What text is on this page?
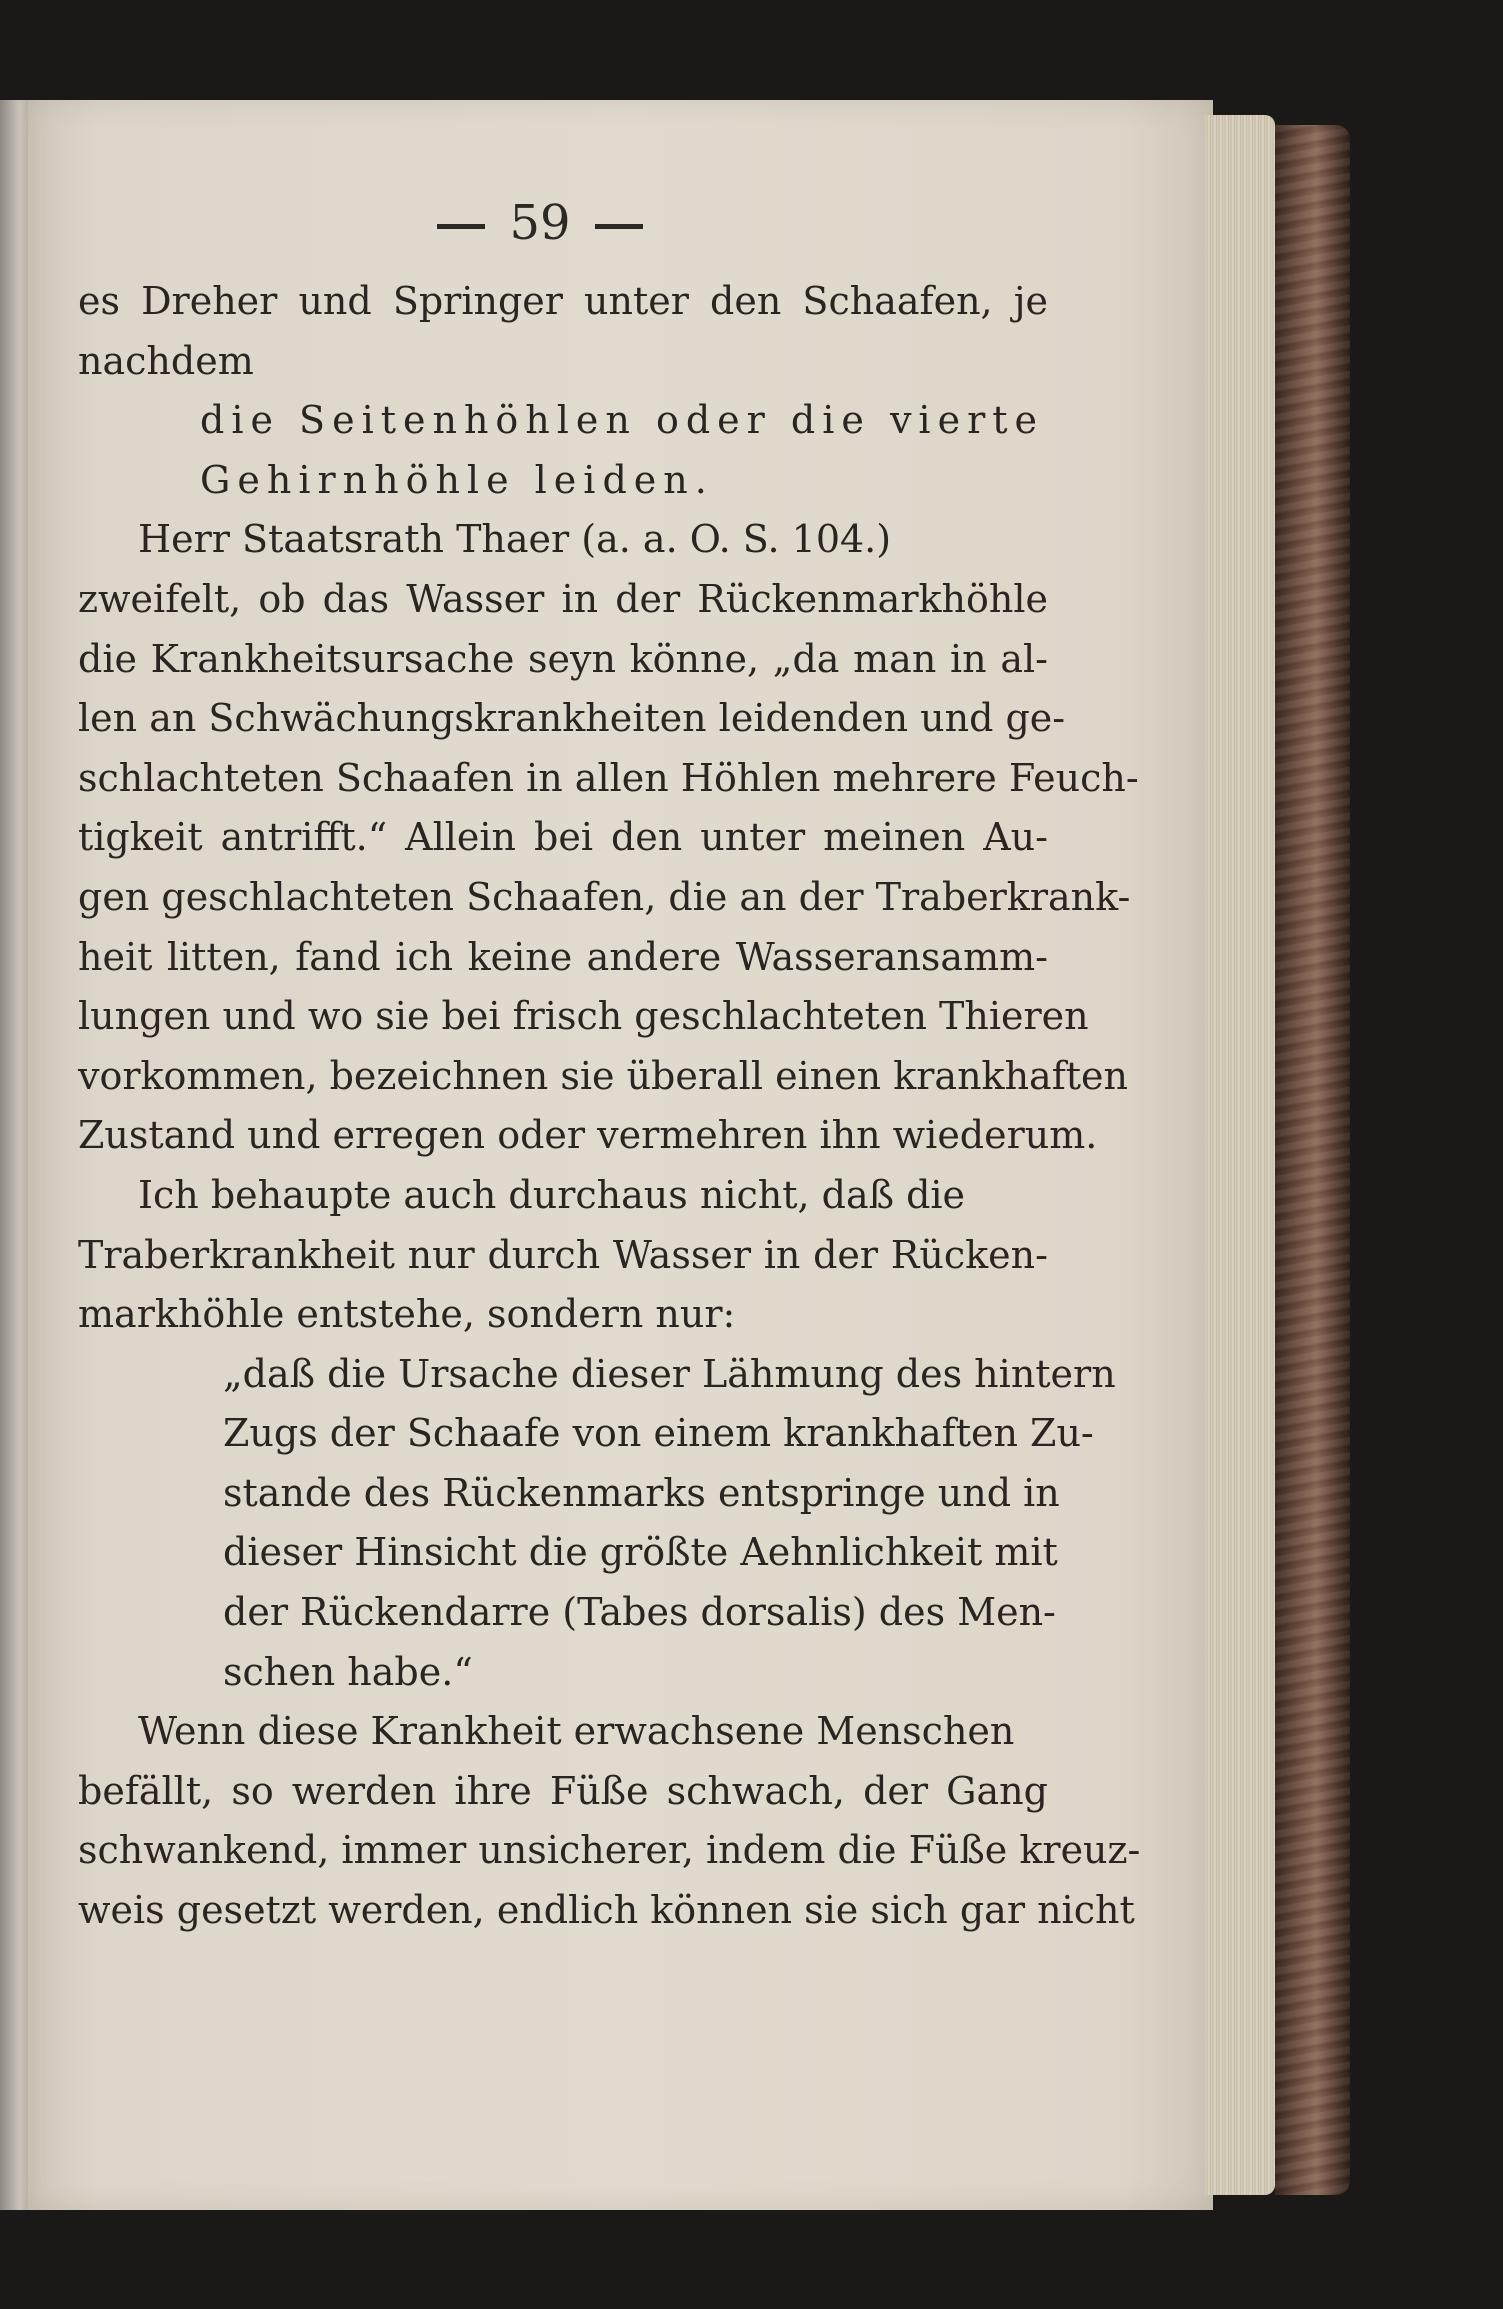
59
es Dreher und Springer unter den Schaafen, je
nachdem
die Seitenhöhlen oder die vierte
Gehirnhöhle leiden.
Herr Staatsrath Thaer (a. a. O. S. 104.)
zweifelt, ob das Wasser in der Rückenmarkhöhle
die Krankheitsursache seyn könne, „da man in al-
len an Schwächungskrankheiten leidenden und ge-
schlachteten Schaafen in allen Höhlen mehrere Feuch-
tigkeit antrifft.“ Allein bei den unter meinen Au-
gen geschlachteten Schaafen, die an der Traberkrank-
heit litten, fand ich keine andere Wasseransamm-
lungen und wo sie bei frisch geschlachteten Thieren
vorkommen, bezeichnen sie überall einen krankhaften
Zustand und erregen oder vermehren ihn wiederum.
Ich behaupte auch durchaus nicht, daß die
Traberkrankheit nur durch Wasser in der Rücken-
markhöhle entstehe, sondern nur:
„daß die Ursache dieser Lähmung des hintern
Zugs der Schaafe von einem krankhaften Zu-
stande des Rückenmarks entspringe und in
dieser Hinsicht die größte Aehnlichkeit mit
der Rückendarre (Tabes dorsalis) des Men-
schen habe.“
Wenn diese Krankheit erwachsene Menschen
befällt, so werden ihre Füße schwach, der Gang
schwankend, immer unsicherer, indem die Füße kreuz-
weis gesetzt werden, endlich können sie sich gar nicht
